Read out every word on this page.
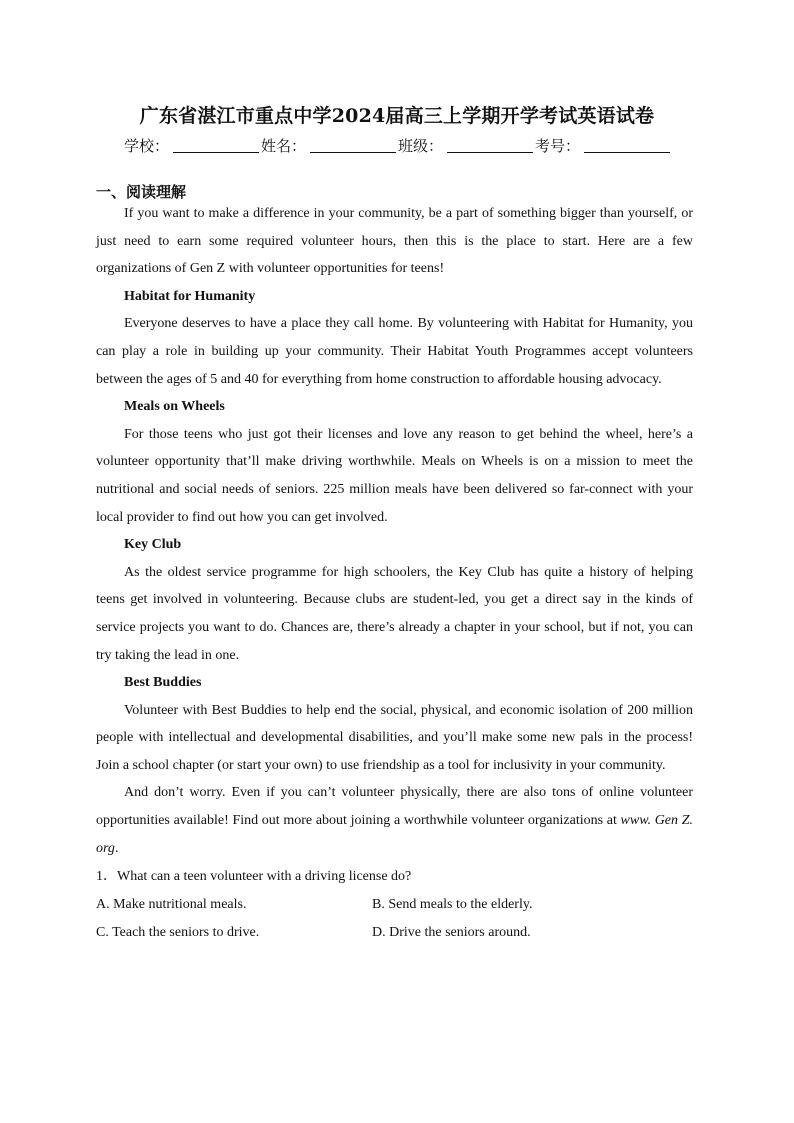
广东省湛江市重点中学2024届高三上学期开学考试英语试卷
学校：	姓名：	班级：	考号：
一、阅读理解

If you want to make a difference in your community, be a part of something bigger than yourself, or just need to earn some required volunteer hours, then this is the place to start. Here are a few organizations of Gen Z with volunteer opportunities for teens!

Habitat for Humanity

Everyone deserves to have a place they call home. By volunteering with Habitat for Humanity, you can play a role in building up your community. Their Habitat Youth Programmes accept volunteers between the ages of 5 and 40 for everything from home construction to affordable housing advocacy.

Meals on Wheels

For those teens who just got their licenses and love any reason to get behind the wheel, here’s a volunteer opportunity that’ll make driving worthwhile. Meals on Wheels is on a mission to meet the nutritional and social needs of seniors. 225 million meals have been delivered so far-connect with your local provider to find out how you can get involved.

Key Club

As the oldest service programme for high schoolers, the Key Club has quite a history of helping teens get involved in volunteering. Because clubs are student-led, you get a direct say in the kinds of service projects you want to do. Chances are, there’s already a chapter in your school, but if not, you can try taking the lead in one.

Best Buddies

Volunteer with Best Buddies to help end the social, physical, and economic isolation of 200 million people with intellectual and developmental disabilities, and you’ll make some new pals in the process! Join a school chapter (or start your own) to use friendship as a tool for inclusivity in your community.

And don’t worry. Even if you can’t volunteer physically, there are also tons of online volunteer opportunities available! Find out more about joining a worthwhile volunteer organizations at www. Gen Z. org.

1．What can a teen volunteer with a driving license do?

A. Make nutritional meals.	B. Send meals to the elderly.
C. Teach the seniors to drive.	D. Drive the seniors around.
